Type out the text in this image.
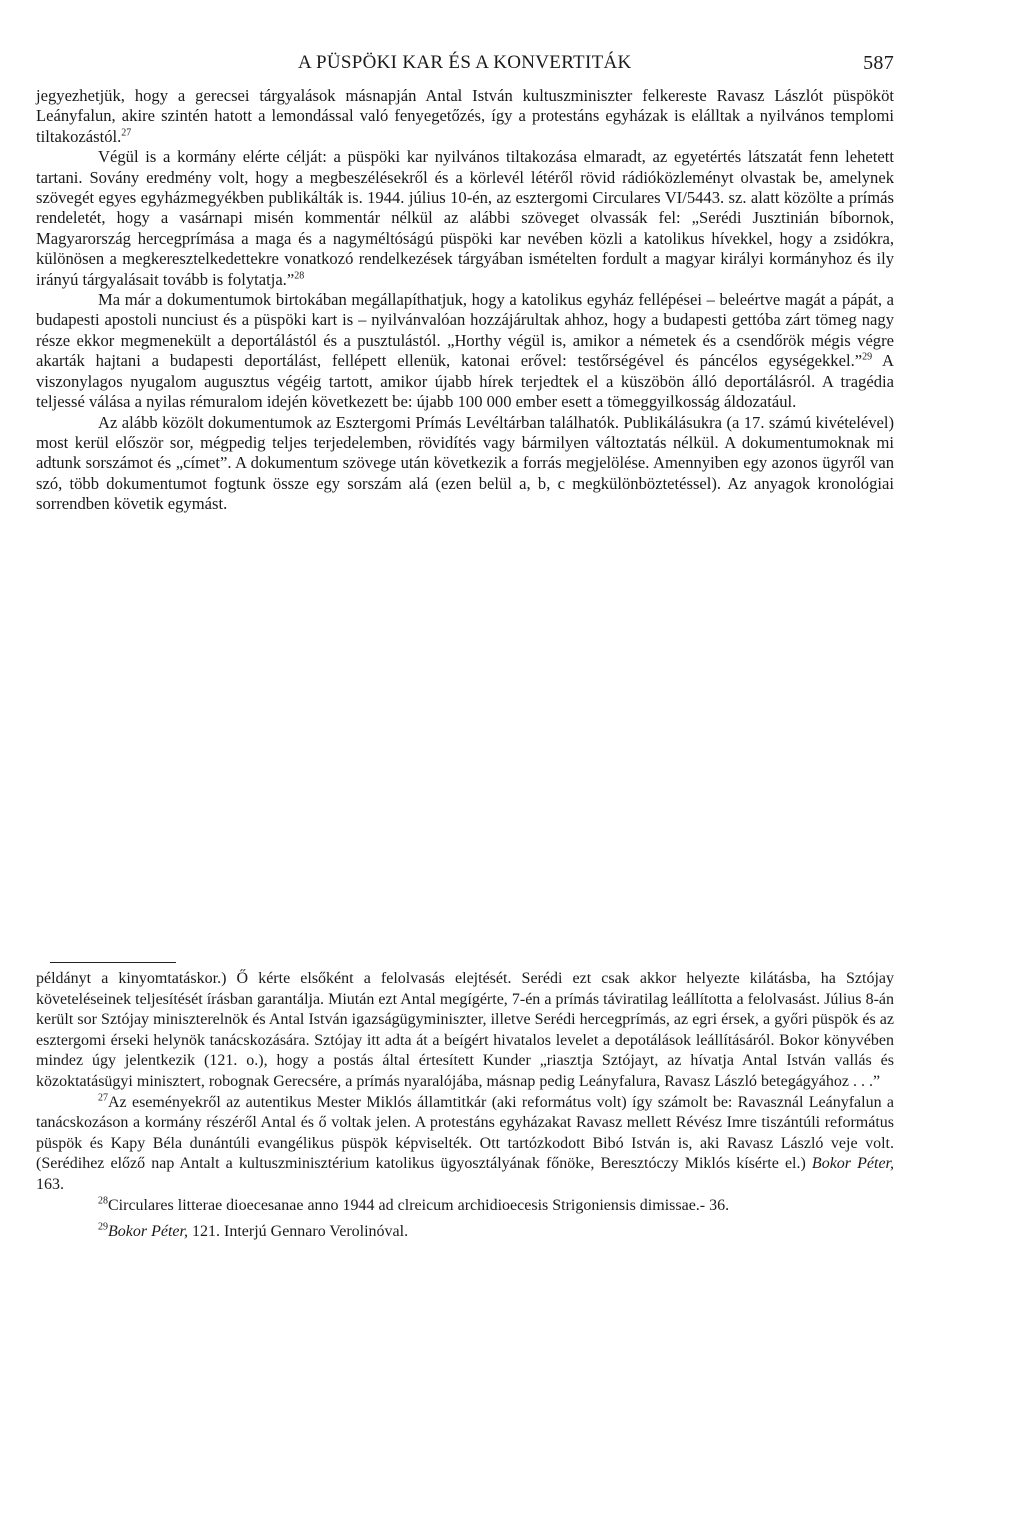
A PÜSPÖKI KAR ÉS A KONVERTITÁK	587

jegyezhetjük, hogy a gerecsei tárgyalások másnapján Antal István kultuszminiszter felkereste Ravasz Lászlót püspököt Leányfalun, akire szintén hatott a lemondással való fenyegetőzés, így a protestáns egyházak is elálltak a nyilvános templomi tiltakozástól.$^{27}$

Végül is a kormány elérte célját: a püspöki kar nyilvános tiltakozása elmaradt, az egyetértés látszatát fenn lehetett tartani. Sovány eredmény volt, hogy a megbeszélésekről és a körlevél létéről rövid rádióközleményt olvastak be, amelynek szövegét egyes egyházmegyékben publikálták is. 1944. július 10-én, az esztergomi Circulares VI/5443. sz. alatt közölte a prímás rendeletét, hogy a vasárnapi misén kommentár nélkül az alábbi szöveget olvassák fel: „Serédi Jusztinián bíbornok, Magyarország hercegprímása a maga és a nagyméltóságú püspöki kar nevében közli a katolikus hívekkel, hogy a zsidókra, különösen a megkeresztelkedettekre vonatkozó rendelkezések tárgyában ismételten fordult a magyar királyi kormányhoz és ily irányú tárgyalásait tovább is folytatja.”$^{28}$

Ma már a dokumentumok birtokában megállapíthatjuk, hogy a katolikus egyház fellépései – beleértve magát a pápát, a budapesti apostoli nunciust és a püspöki kart is – nyilvánvalóan hozzájárultak ahhoz, hogy a budapesti gettóba zárt tömeg nagy része ekkor megmenekült a deportálástól és a pusztulástól. „Horthy végül is, amikor a németek és a csendőrök mégis végre akarták hajtani a budapesti deportálást, fellépett ellenük, katonai erővel: testőrségével és páncélos egységekkel.”$^{29}$ A viszonylagos nyugalom augusztus végéig tartott, amikor újabb hírek terjedtek el a küszöbön álló deportálásról. A tragédia teljessé válása a nyilas rémuralom idején következett be: újabb 100 000 ember esett a tömeggyilkosság áldozatául.

Az alább közölt dokumentumok az Esztergomi Prímás Levéltárban találhatók. Publikálásukra (a 17. számú kivételével) most kerül először sor, mégpedig teljes terjedelemben, rövidítés vagy bármilyen változtatás nélkül. A dokumentumoknak mi adtunk sorszámot és „címet”. A dokumentum szövege után következik a forrás megjelölése. Amennyiben egy azonos ügyről van szó, több dokumentumot fogtunk össze egy sorszám alá (ezen belül a, b, c megkülönböztetéssel). Az anyagok kronológiai sorrendben követik egymást.

példányt a kinyomtatáskor.) Ő kérte elsőként a felolvasás elejtését. Serédi ezt csak akkor helyezte kilátásba, ha Sztójay követeléseinek teljesítését írásban garantálja. Miután ezt Antal megígérte, 7-én a prímás táviratilag leállította a felolvasást. Július 8-án került sor Sztójay miniszterelnök és Antal István igazságügyminiszter, illetve Serédi hercegprímás, az egri érsek, a győri püspök és az esztergomi érseki helynök tanácskozására. Sztójay itt adta át a beígért hivatalos levelet a depotálások leállításáról. Bokor könyvében mindez úgy jelentkezik (121. o.), hogy a postás által értesített Kunder „riasztja Sztójayt, az hívatja Antal István vallás és közoktatásügyi minisztert, robognak Gerecsére, a prímás nyaralójába, másnap pedig Leányfalura, Ravasz László betegágyához . . .”

$^{27}$Az eseményekről az autentikus Mester Miklós államtitkár (aki református volt) így számolt be: Ravasznál Leányfalun a tanácskozáson a kormány részéről Antal és ő voltak jelen. A protestáns egyházakat Ravasz mellett Révész Imre tiszántúli református püspök és Kapy Béla dunántúli evangélikus püspök képviselték. Ott tartózkodott Bibó István is, aki Ravasz László veje volt. (Serédihez előző nap Antalt a kultuszminisztérium katolikus ügyosztályának főnöke, Beresztóczy Miklós kísérte el.) Bokor Péter, 163.

$^{28}$Circulares litterae dioecesanae anno 1944 ad clreicum archidioecesis Strigoniensis dimissae.- 36.

$^{29}$Bokor Péter, 121. Interjú Gennaro Verolinóval.
